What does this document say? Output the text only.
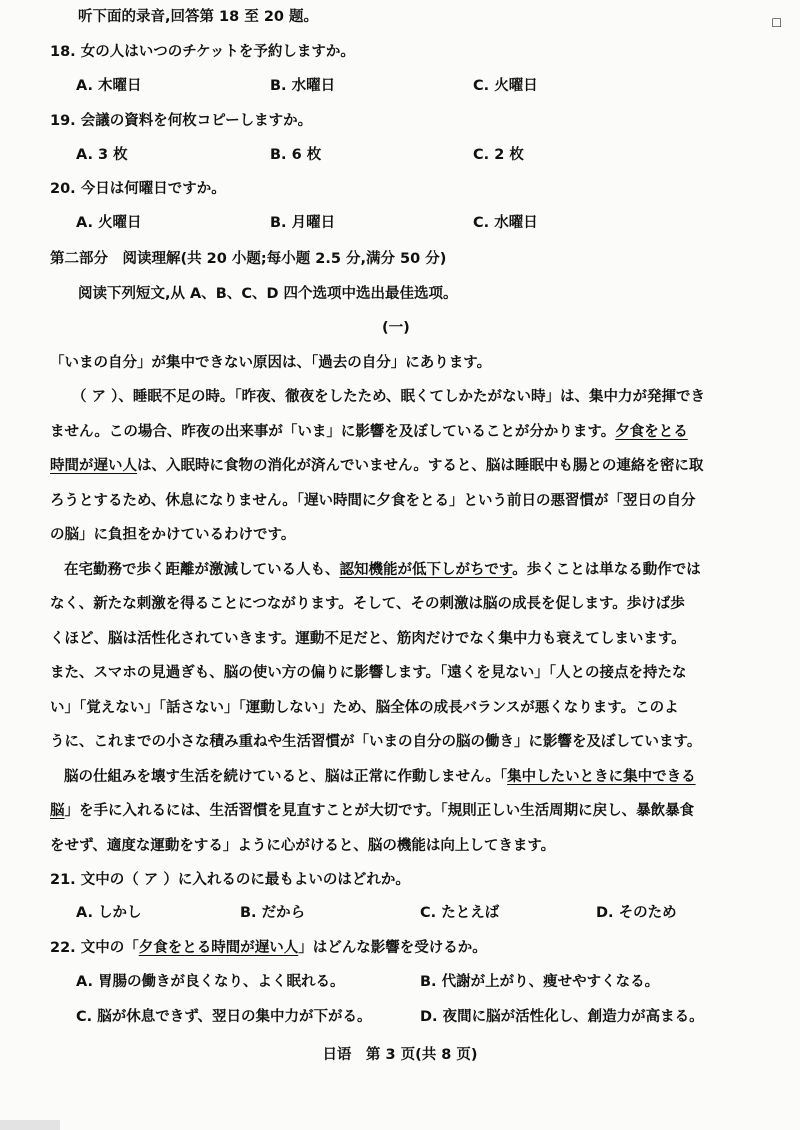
☐
听下面的录音,回答第 18 至 20 题。
18. 女の人はいつのチケットを予約しますか。
A. 木曜日	B. 水曜日	C. 火曜日
19. 会議の資料を何枚コピーしますか。
A. 3 枚	B. 6 枚	C. 2 枚
20. 今日は何曜日ですか。
A. 火曜日	B. 月曜日	C. 水曜日
第二部分　阅读理解(共 20 小题;每小题 2.5 分,满分 50 分)
阅读下列短文,从 A、B、C、D 四个选项中选出最佳选项。
(一)
「いまの自分」が集中できない原因は、「過去の自分」にあります。
（ ア ）、睡眠不足の時。「昨夜、徹夜をしたため、眠くてしかたがない時」は、集中力が発揮でき
ません。この場合、昨夜の出来事が「いま」に影響を及ぼしていることが分かります。夕食をとる
時間が遅い人は、入眠時に食物の消化が済んでいません。すると、脳は睡眠中も腸との連絡を密に取
ろうとするため、休息になりません。「遅い時間に夕食をとる」という前日の悪習慣が「翌日の自分
の脳」に負担をかけているわけです。
在宅勤務で歩く距離が激減している人も、認知機能が低下しがちです。歩くことは単なる動作では
なく、新たな刺激を得ることにつながります。そして、その刺激は脳の成長を促します。歩けば歩
くほど、脳は活性化されていきます。運動不足だと、筋肉だけでなく集中力も衰えてしまいます。
また、スマホの見過ぎも、脳の使い方の偏りに影響します。「遠くを見ない」「人との接点を持たな
い」「覚えない」「話さない」「運動しない」ため、脳全体の成長バランスが悪くなります。このよ
うに、これまでの小さな積み重ねや生活習慣が「いまの自分の脳の働き」に影響を及ぼしています。
脳の仕組みを壊す生活を続けていると、脳は正常に作動しません。「集中したいときに集中できる
脳」を手に入れるには、生活習慣を見直すことが大切です。「規則正しい生活周期に戻し、暴飲暴食
をせず、適度な運動をする」ように心がけると、脳の機能は向上してきます。
21. 文中の（ ア ）に入れるのに最もよいのはどれか。
A. しかし	B. だから	C. たとえば	D. そのため
22. 文中の「夕食をとる時間が遅い人」はどんな影響を受けるか。
A. 胃腸の働きが良くなり、よく眠れる。	B. 代謝が上がり、痩せやすくなる。
C. 脳が休息できず、翌日の集中力が下がる。	D. 夜間に脳が活性化し、創造力が高まる。
日语　第 3 页(共 8 页)
